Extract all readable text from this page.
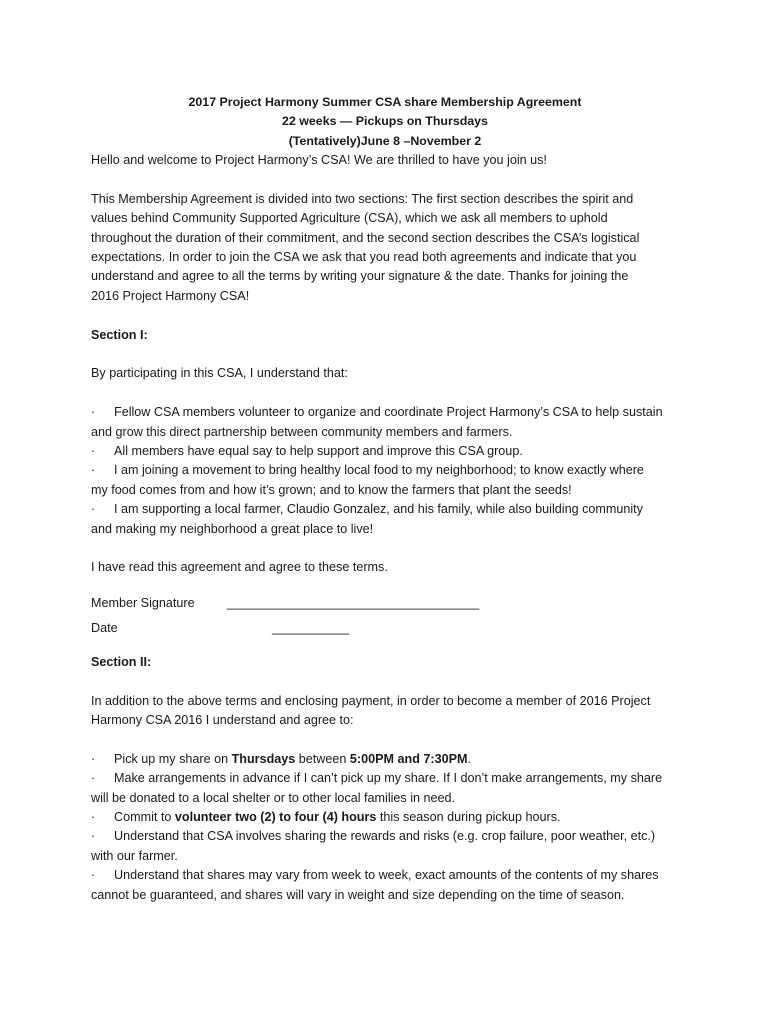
2017 Project Harmony Summer CSA share Membership Agreement
22 weeks — Pickups on Thursdays
(Tentatively)June 8 –November 2
Hello and welcome to Project Harmony’s CSA! We are thrilled to have you join us!
This Membership Agreement is divided into two sections: The first section describes the spirit and
values behind Community Supported Agriculture (CSA), which we ask all members to uphold
throughout the duration of their commitment, and the second section describes the CSA’s logistical
expectations. In order to join the CSA we ask that you read both agreements and indicate that you
understand and agree to all the terms by writing your signature & the date. Thanks for joining the
2016 Project Harmony CSA!
Section I:
By participating in this CSA, I understand that:
· Fellow CSA members volunteer to organize and coordinate Project Harmony’s CSA to help sustain
and grow this direct partnership between community members and farmers.
· All members have equal say to help support and improve this CSA group.
· I am joining a movement to bring healthy local food to my neighborhood; to know exactly where
my food comes from and how it’s grown; and to know the farmers that plant the seeds!
· I am supporting a local farmer, Claudio Gonzalez, and his family, while also building community
and making my neighborhood a great place to live!
I have read this agreement and agree to these terms.
Member Signature	____________________________________
Date	___________
Section II:
In addition to the above terms and enclosing payment, in order to become a member of 2016 Project
Harmony CSA 2016 I understand and agree to:
· Pick up my share on Thursdays between 5:00PM and 7:30PM.
· Make arrangements in advance if I can’t pick up my share. If I don’t make arrangements, my share
will be donated to a local shelter or to other local families in need.
· Commit to volunteer two (2) to four (4) hours this season during pickup hours.
· Understand that CSA involves sharing the rewards and risks (e.g. crop failure, poor weather, etc.)
with our farmer.
· Understand that shares may vary from week to week, exact amounts of the contents of my shares
cannot be guaranteed, and shares will vary in weight and size depending on the time of season.
